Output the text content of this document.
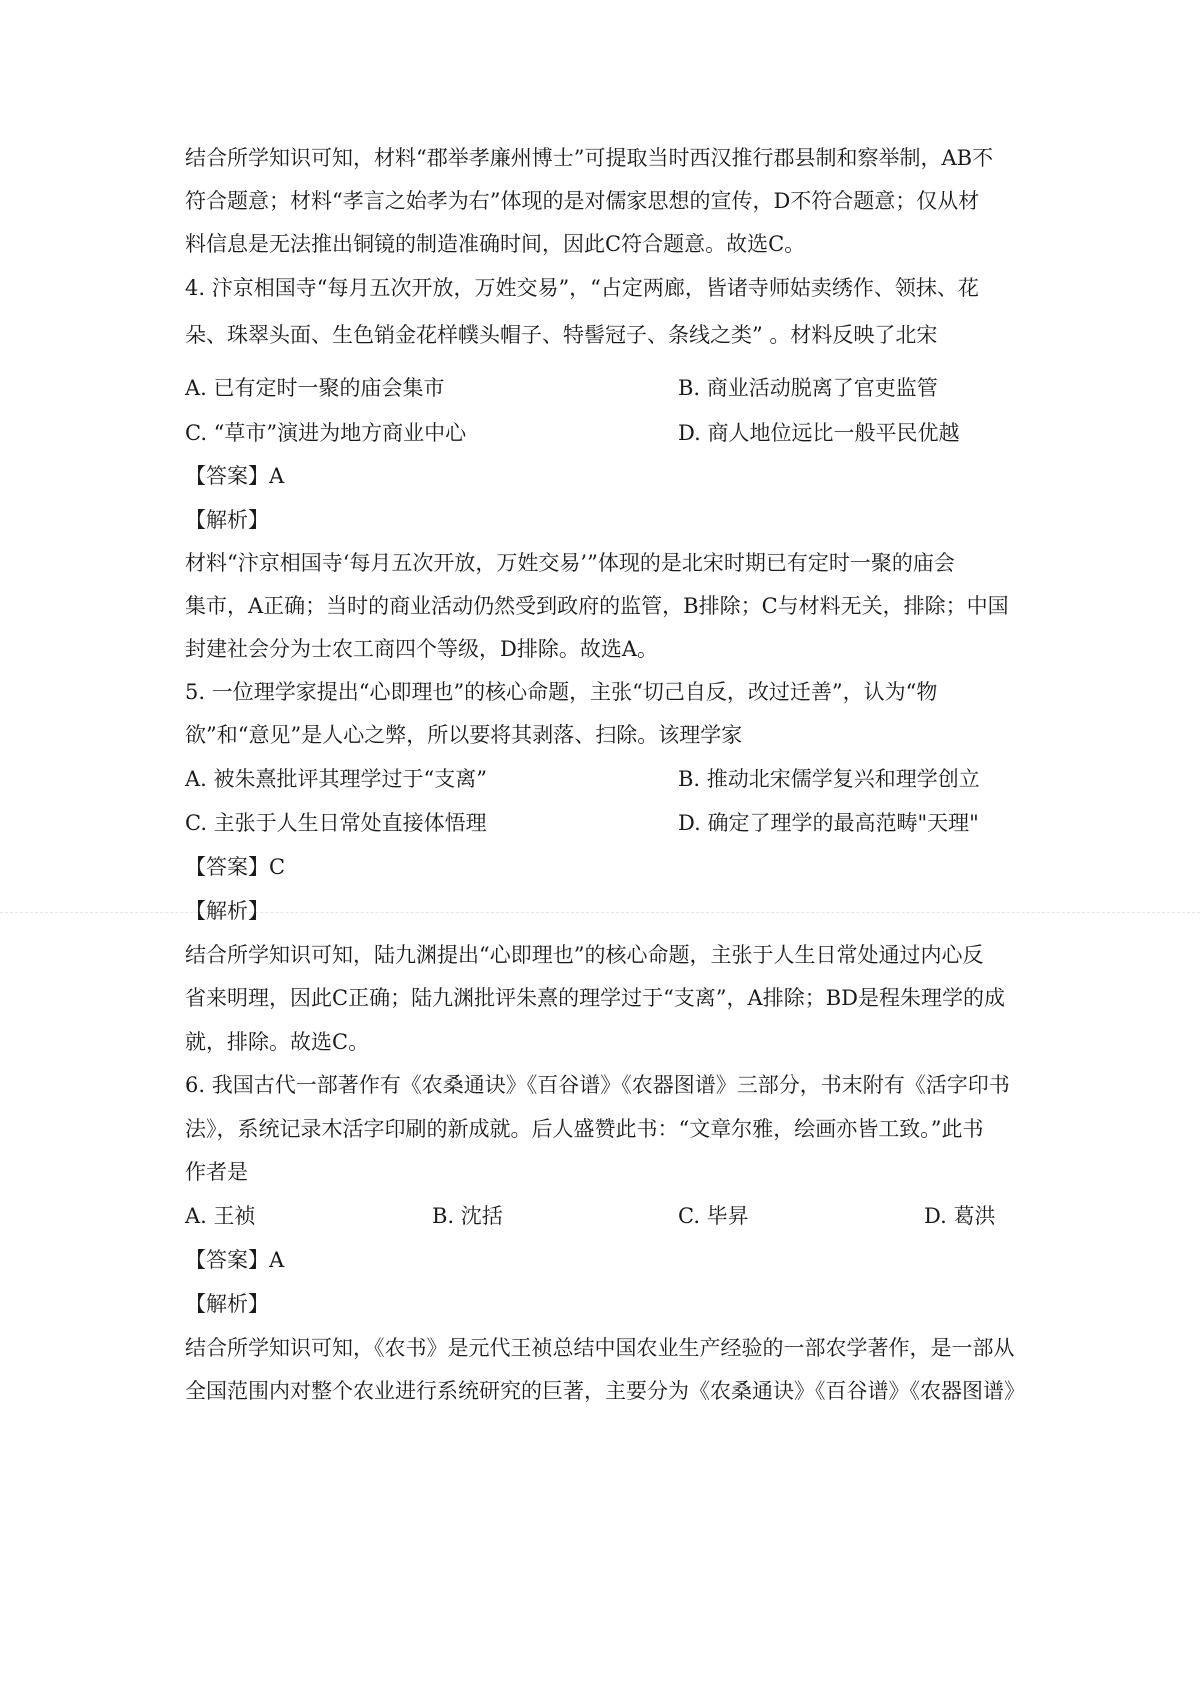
结合所学知识可知，材料“郡举孝廉州博士”可提取当时西汉推行郡县制和察举制，AB不
符合题意；材料“孝言之始孝为右”体现的是对儒家思想的宣传，D不符合题意；仅从材
料信息是无法推出铜镜的制造准确时间，因此C符合题意。故选C。
4. 汴京相国寺“每月五次开放，万姓交易”，“占定两廊，皆诸寺师姑卖绣作、领抹、花
朵、珠翠头面、生色销金花样幞头帽子、特髻冠子、条线之类” 。材料反映了北宋
A. 已有定时一聚的庙会集市	B. 商业活动脱离了官吏监管
C. “草市”演进为地方商业中心	D. 商人地位远比一般平民优越
【答案】A
【解析】
材料“汴京相国寺‘每月五次开放，万姓交易’”体现的是北宋时期已有定时一聚的庙会
集市，A正确；当时的商业活动仍然受到政府的监管，B排除；C与材料无关，排除；中国
封建社会分为士农工商四个等级，D排除。故选A。
5. 一位理学家提出“心即理也”的核心命题，主张“切己自反，改过迁善”，认为“物
欲”和“意见”是人心之弊，所以要将其剥落、扫除。该理学家
A. 被朱熹批评其理学过于“支离”	B. 推动北宋儒学复兴和理学创立
C. 主张于人生日常处直接体悟理	D. 确定了理学的最高范畴"天理"
【答案】C
【解析】
结合所学知识可知，陆九渊提出“心即理也”的核心命题，主张于人生日常处通过内心反
省来明理，因此C正确；陆九渊批评朱熹的理学过于“支离”，A排除；BD是程朱理学的成
就，排除。故选C。
6. 我国古代一部著作有《农桑通诀》《百谷谱》《农器图谱》三部分，书末附有《活字印书
法》，系统记录木活字印刷的新成就。后人盛赞此书：“文章尔雅，绘画亦皆工致。”此书
作者是
A. 王祯	B. 沈括	C. 毕昇	D. 葛洪
【答案】A
【解析】
结合所学知识可知，《农书》是元代王祯总结中国农业生产经验的一部农学著作，是一部从
全国范围内对整个农业进行系统研究的巨著，主要分为《农桑通诀》《百谷谱》《农器图谱》
